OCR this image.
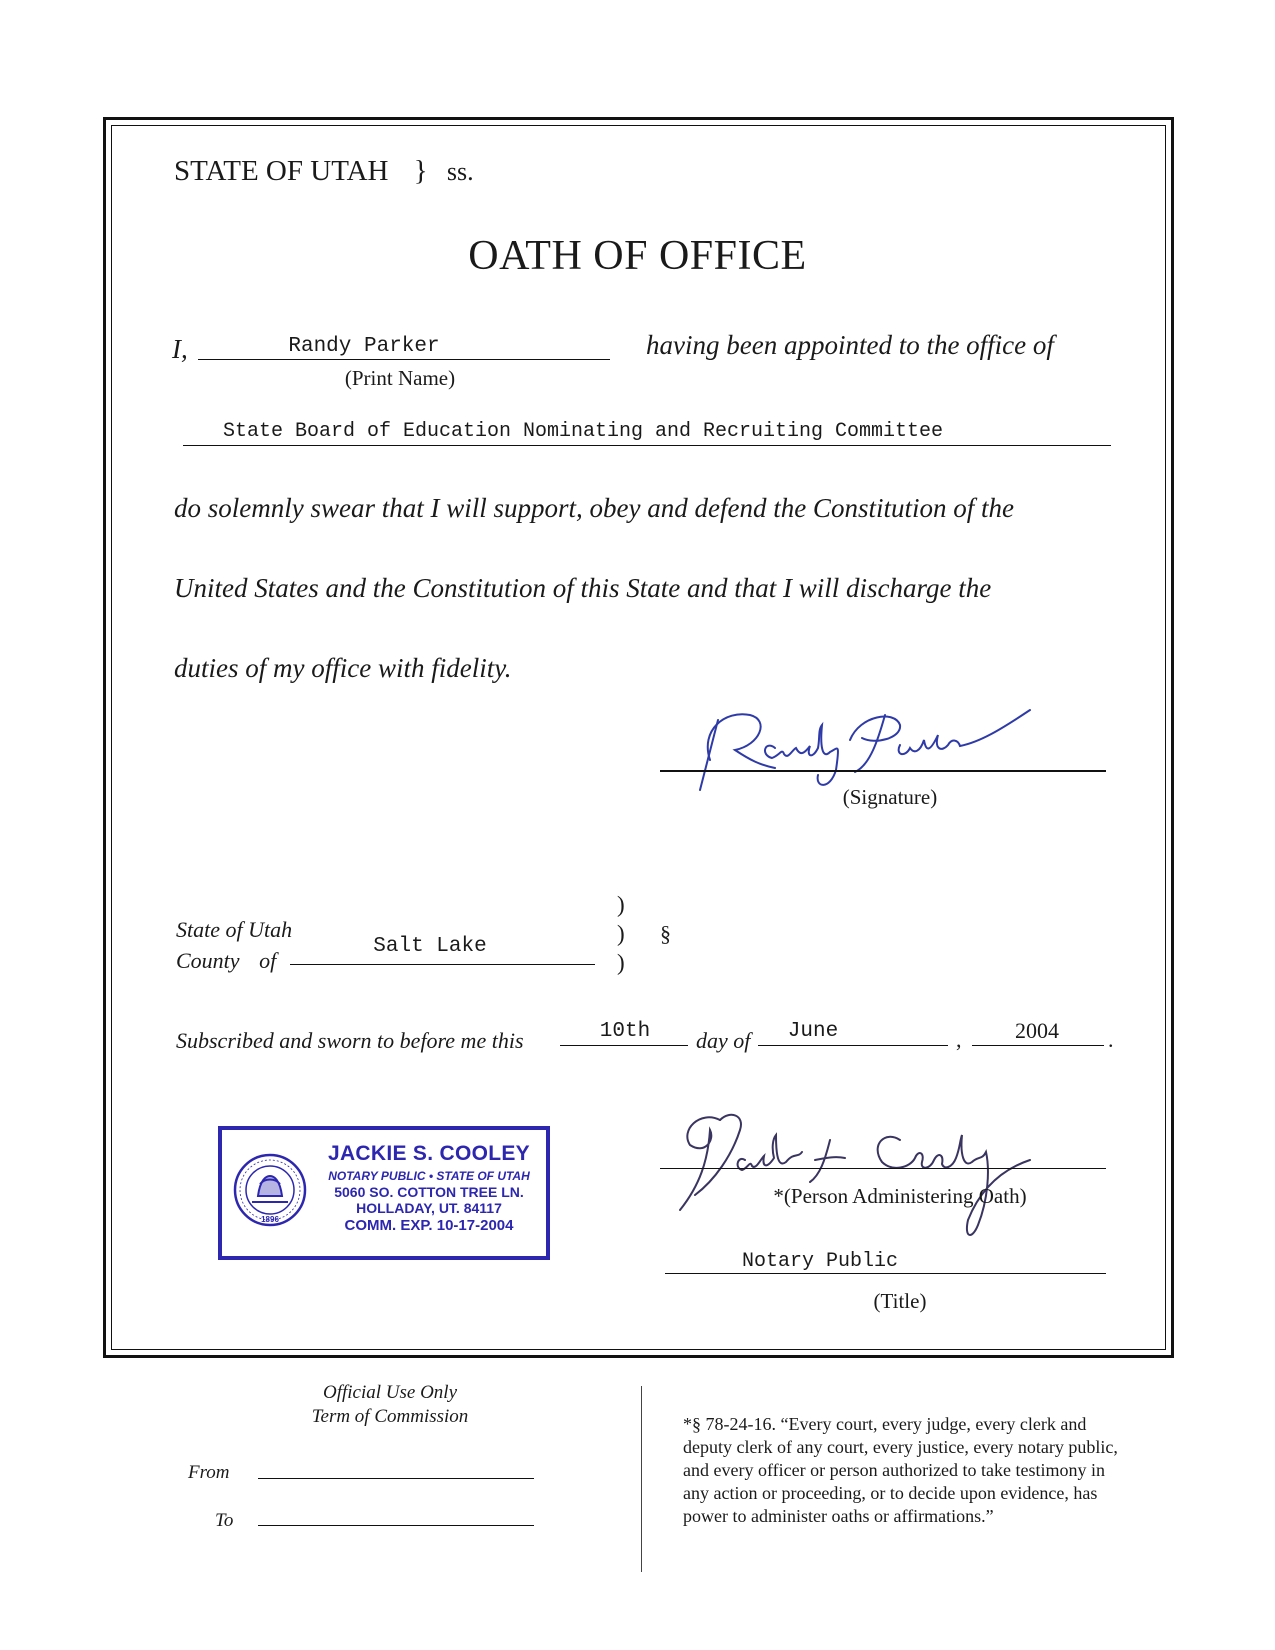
STATE OF UTAH } ss.
OATH OF OFFICE
I,	Randy Parker
(Print Name)
having been appointed to the office of
State Board of Education Nominating and Recruiting Committee
do solemnly swear that I will support, obey and defend the Constitution of the
United States and the Constitution of this State and that I will discharge the
duties of my office with fidelity.
(Signature)
State of Utah
County of
Salt Lake
)
)
)
§
Subscribed and sworn to before me this	10th	day of	June	,	2004	.
1896
JACKIE S. COOLEY
NOTARY PUBLIC • STATE OF UTAH
5060 SO. COTTON TREE LN.
HOLLADAY, UT. 84117
COMM. EXP. 10-17-2004
*(Person Administering Oath)
Notary Public
(Title)
Official Use Only
Term of Commission
From
To
*§ 78-24-16. “Every court, every judge, every clerk and
deputy clerk of any court, every justice, every notary public,
and every officer or person authorized to take testimony in
any action or proceeding, or to decide upon evidence, has
power to administer oaths or affirmations.”
